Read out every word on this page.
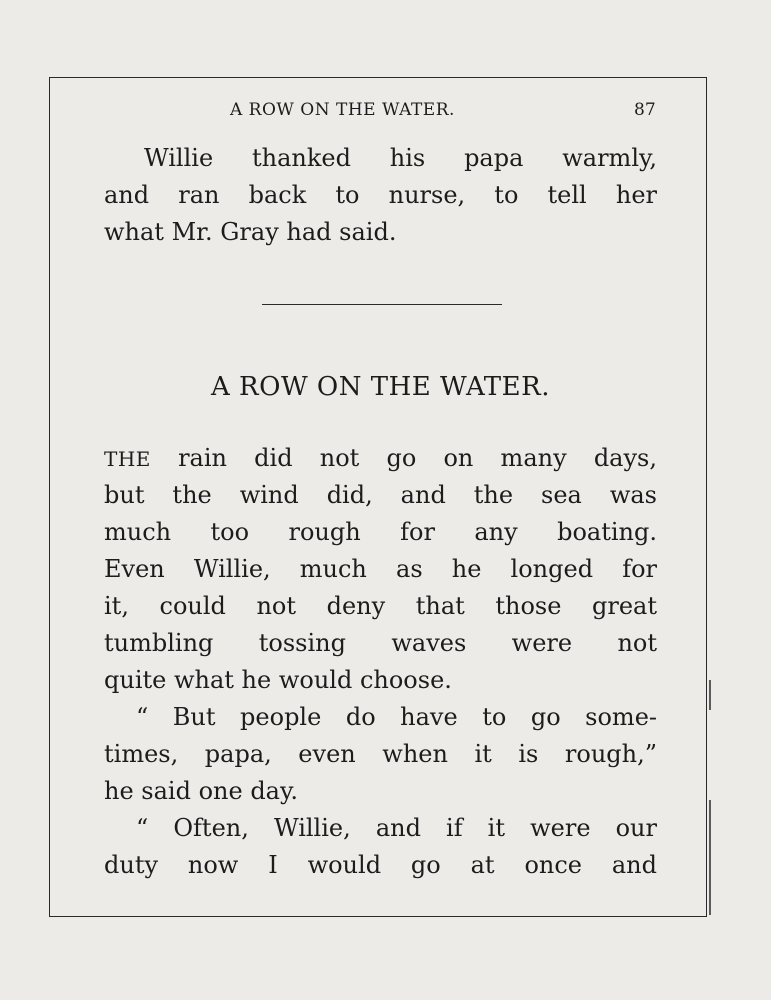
A ROW ON THE WATER.	87
Willie thanked his papa warmly,
and ran back to nurse, to tell her
what Mr. Gray had said.
A ROW ON THE WATER.
THE rain did not go on many days,
but the wind did, and the sea was
much too rough for any boating.
Even Willie, much as he longed for
it, could not deny that those great
tumbling tossing waves were not
quite what he would choose.
“ But people do have to go some-
times, papa, even when it is rough,”
he said one day.
“ Often, Willie, and if it were our
duty now I would go at once and
